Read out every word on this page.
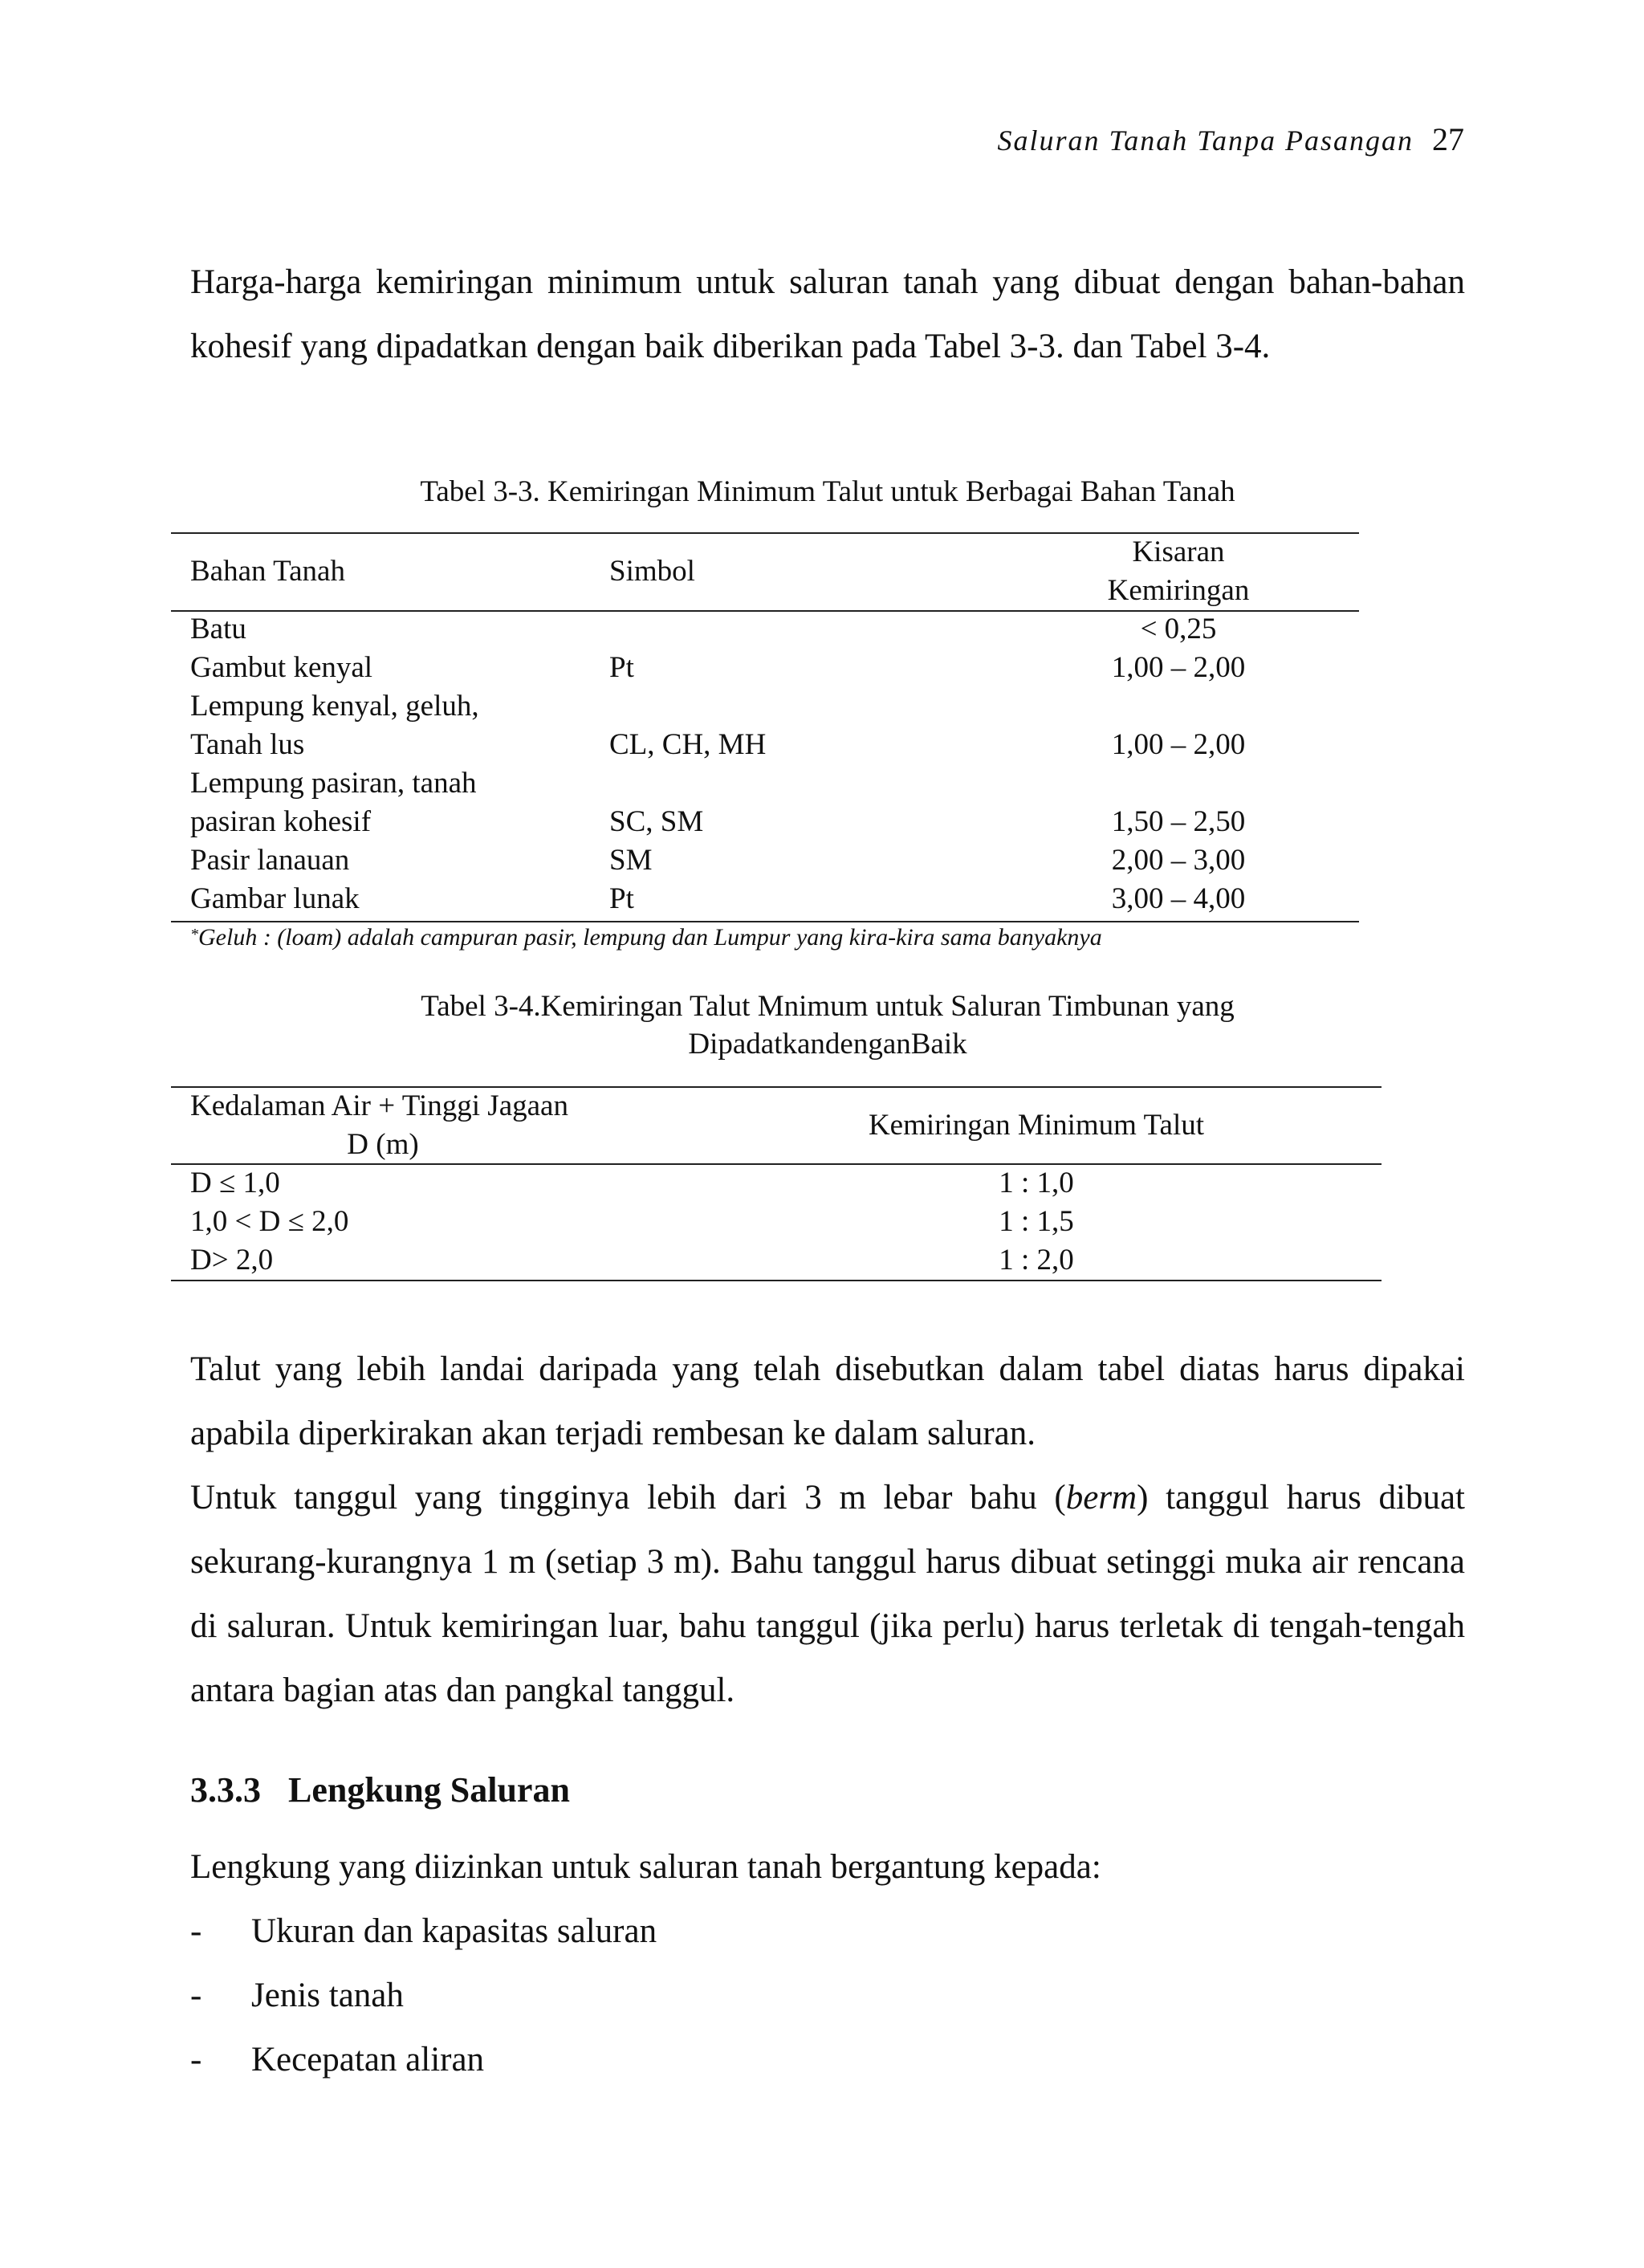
Saluran Tanah Tanpa Pasangan 27

Harga-harga kemiringan minimum untuk saluran tanah yang dibuat dengan bahan-bahan kohesif yang dipadatkan dengan baik diberikan pada Tabel 3-3. dan Tabel 3-4.

Tabel 3-3. Kemiringan Minimum Talut untuk Berbagai Bahan Tanah

Bahan Tanah	Simbol	Kisaran
Kemiringan

Batu		< 0,25
Gambut kenyal	Pt	1,00 – 2,00
Lempung kenyal, geluh,		
Tanah lus	CL, CH, MH	1,00 – 2,00
Lempung pasiran, tanah		
pasiran kohesif	SC, SM	1,50 – 2,50
Pasir lanauan	SM	2,00 – 3,00
Gambar lunak	Pt	3,00 – 4,00
*Geluh : (loam) adalah campuran pasir, lempung dan Lumpur yang kira-kira sama banyaknya
Tabel 3-4.Kemiringan Talut Mnimum untuk Saluran Timbunan yang
DipadatkandenganBaik
Kedalaman Air + Tinggi Jagaan
D (m)	Kemiringan Minimum Talut

D ≤ 1,0	1 : 1,0

1,0 < D ≤ 2,0	1 : 1,5

D> 2,0	1 : 2,0

Talut yang lebih landai daripada yang telah disebutkan dalam tabel diatas harus dipakai apabila diperkirakan akan terjadi rembesan ke dalam saluran.

Untuk tanggul yang tingginya lebih dari 3 m lebar bahu (berm) tanggul harus dibuat sekurang-kurangnya 1 m (setiap 3 m). Bahu tanggul harus dibuat setinggi muka air rencana di saluran. Untuk kemiringan luar, bahu tanggul (jika perlu) harus terletak di tengah-tengah antara bagian atas dan pangkal tanggul.

3.3.3 Lengkung Saluran

Lengkung yang diizinkan untuk saluran tanah bergantung kepada:

-	Ukuran dan kapasitas saluran
-	Jenis tanah
-	Kecepatan aliran
